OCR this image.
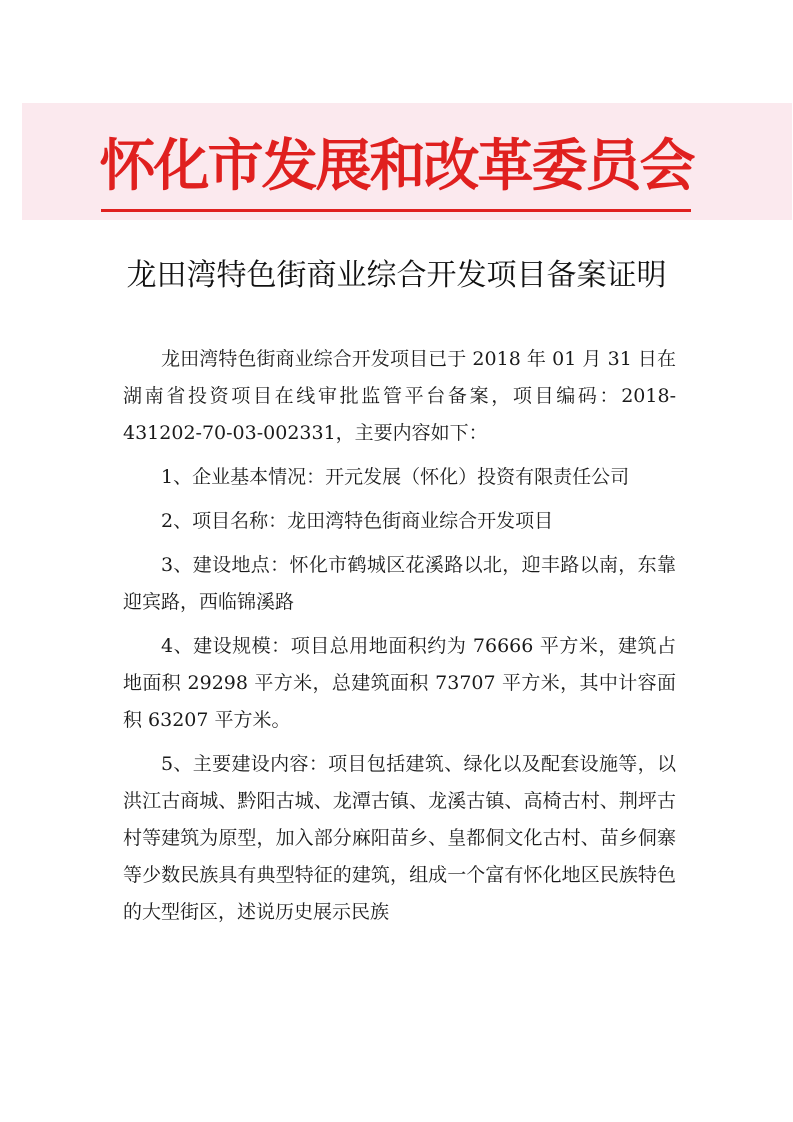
怀化市发展和改革委员会
龙田湾特色街商业综合开发项目备案证明

龙田湾特色街商业综合开发项目已于 2018 年 01 月 31 日在湖南省投资项目在线审批监管平台备案，项目编码：2018-431202-70-03-002331，主要内容如下：

1、企业基本情况：开元发展（怀化）投资有限责任公司

2、项目名称：龙田湾特色街商业综合开发项目

3、建设地点：怀化市鹤城区花溪路以北，迎丰路以南，东靠迎宾路，西临锦溪路

4、建设规模：项目总用地面积约为 76666 平方米，建筑占地面积 29298 平方米，总建筑面积 73707 平方米，其中计容面积 63207 平方米。

5、主要建设内容：项目包括建筑、绿化以及配套设施等，以洪江古商城、黔阳古城、龙潭古镇、龙溪古镇、高椅古村、荆坪古村等建筑为原型，加入部分麻阳苗乡、皇都侗文化古村、苗乡侗寨等少数民族具有典型特征的建筑，组成一个富有怀化地区民族特色的大型街区，述说历史展示民族
